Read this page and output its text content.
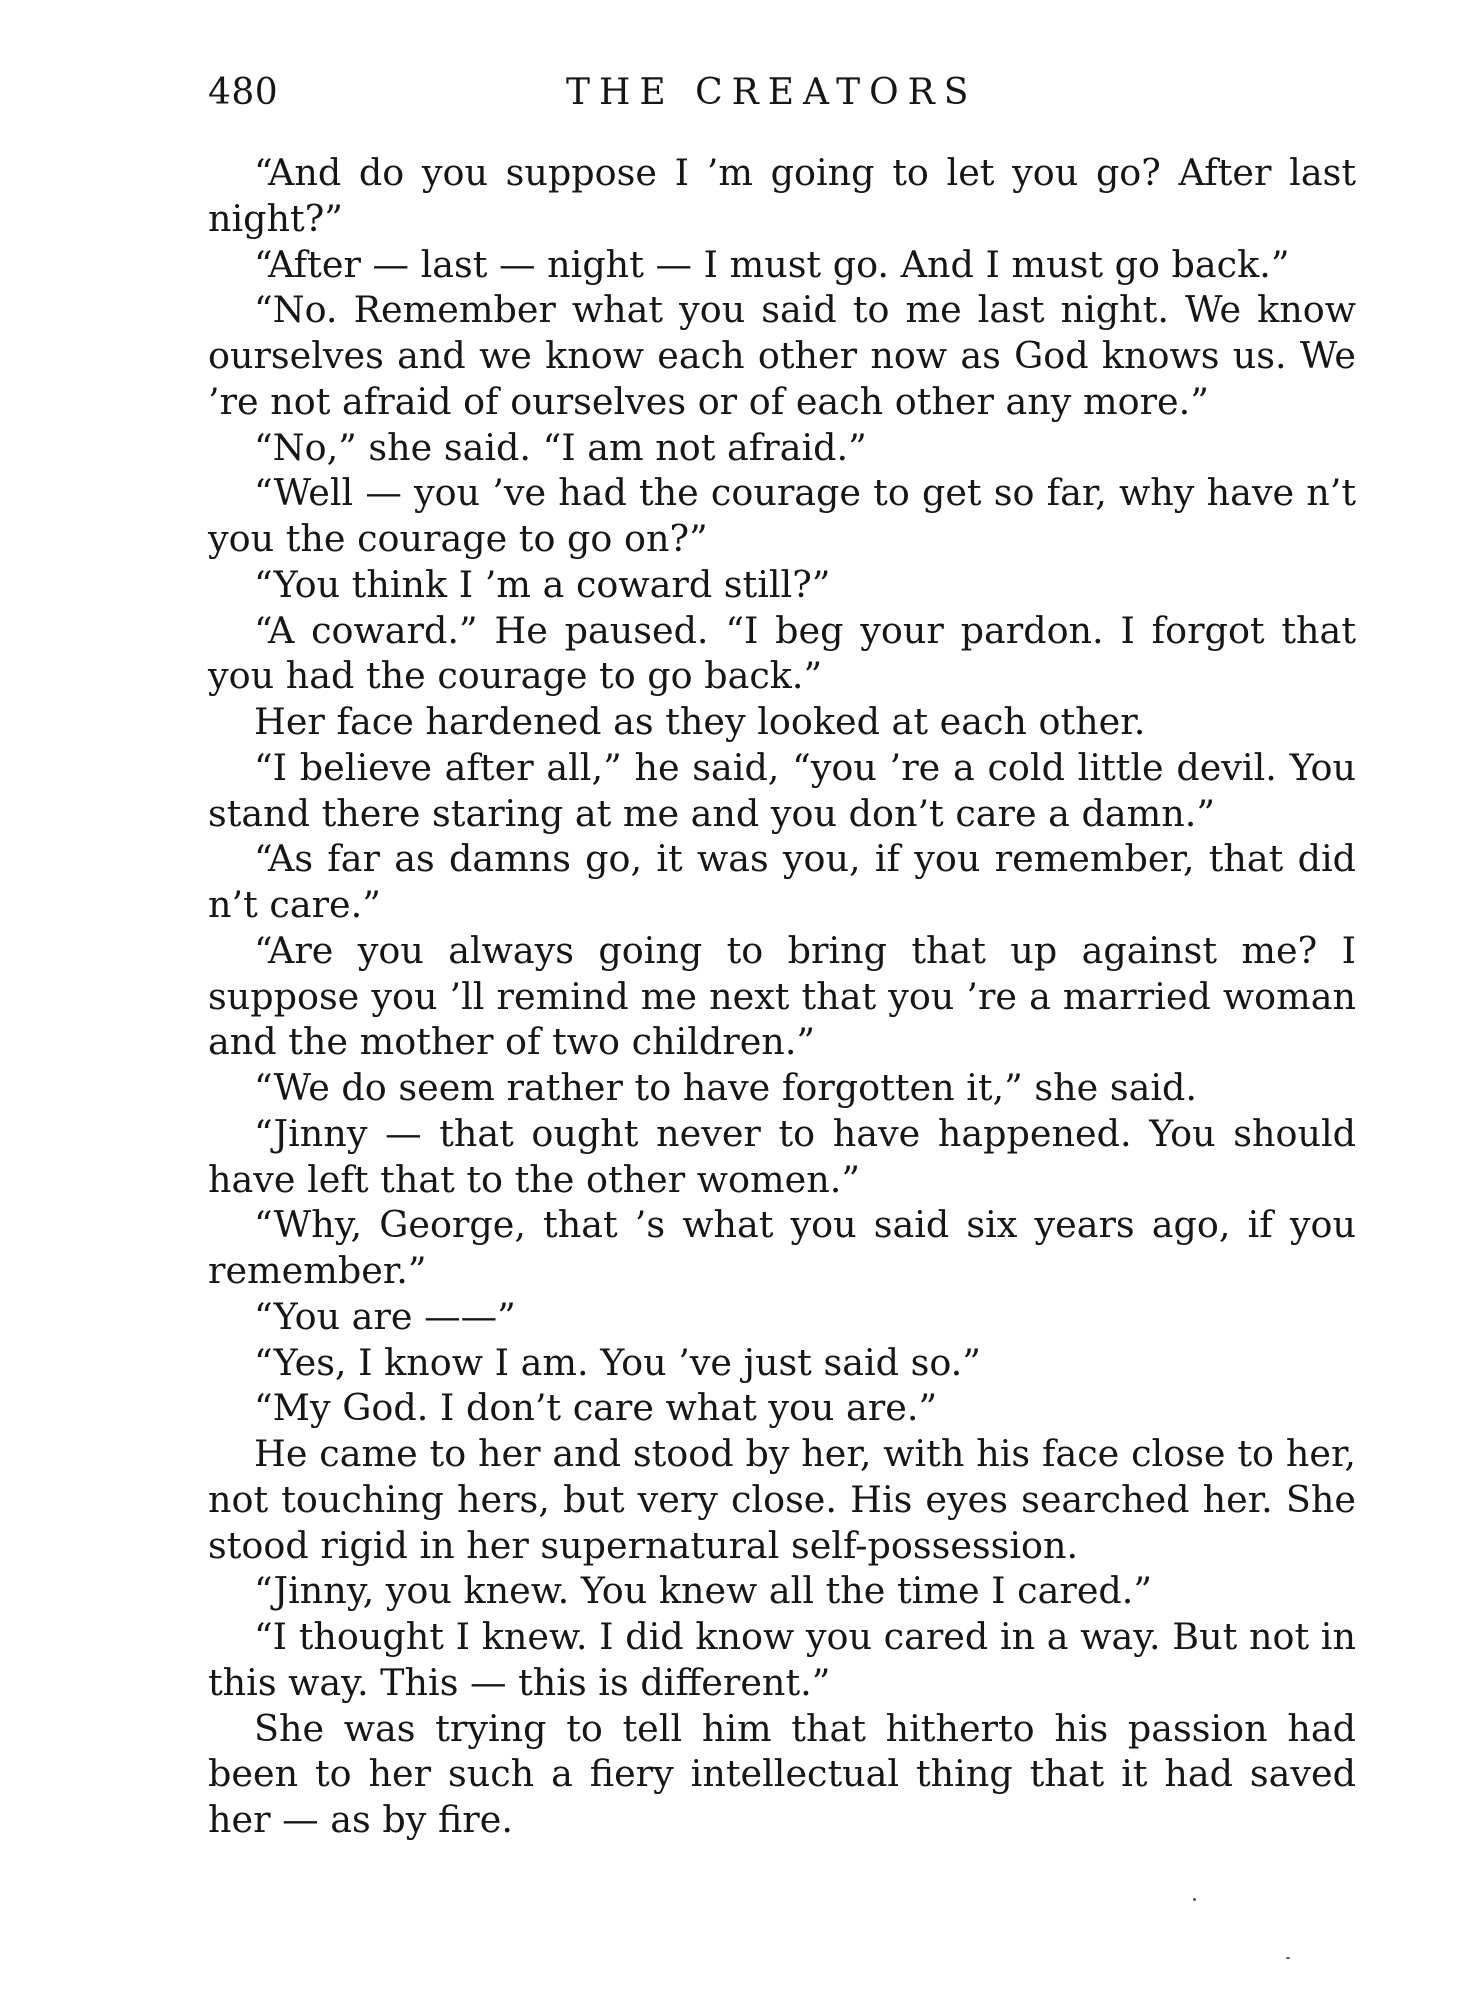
480	THE CREATORS

“And do you suppose I ’m going to let you go? After last night?”

“After — last — night — I must go. And I must go back.”

“No. Remember what you said to me last night. We know ourselves and we know each other now as God knows us. We ’re not afraid of ourselves or of each other any more.”

“No,” she said. “I am not afraid.”

“Well — you ’ve had the courage to get so far, why have n’t you the courage to go on?”

“You think I ’m a coward still?”

“A coward.” He paused. “I beg your pardon. I forgot that you had the courage to go back.”

Her face hardened as they looked at each other.

“I believe after all,” he said, “you ’re a cold little devil. You stand there staring at me and you don’t care a damn.”

“As far as damns go, it was you, if you remember, that did n’t care.”

“Are you always going to bring that up against me? I suppose you ’ll remind me next that you ’re a married woman and the mother of two children.”

“We do seem rather to have forgotten it,” she said.

“Jinny — that ought never to have happened. You should have left that to the other women.”

“Why, George, that ’s what you said six years ago, if you remember.”

“You are ——”

“Yes, I know I am. You ’ve just said so.”

“My God. I don’t care what you are.”

He came to her and stood by her, with his face close to her, not touching hers, but very close. His eyes searched her. She stood rigid in her supernatural self-possession.

“Jinny, you knew. You knew all the time I cared.”

“I thought I knew. I did know you cared in a way. But not in this way. This — this is different.”

She was trying to tell him that hitherto his passion had been to her such a fiery intellectual thing that it had saved her — as by fire.
